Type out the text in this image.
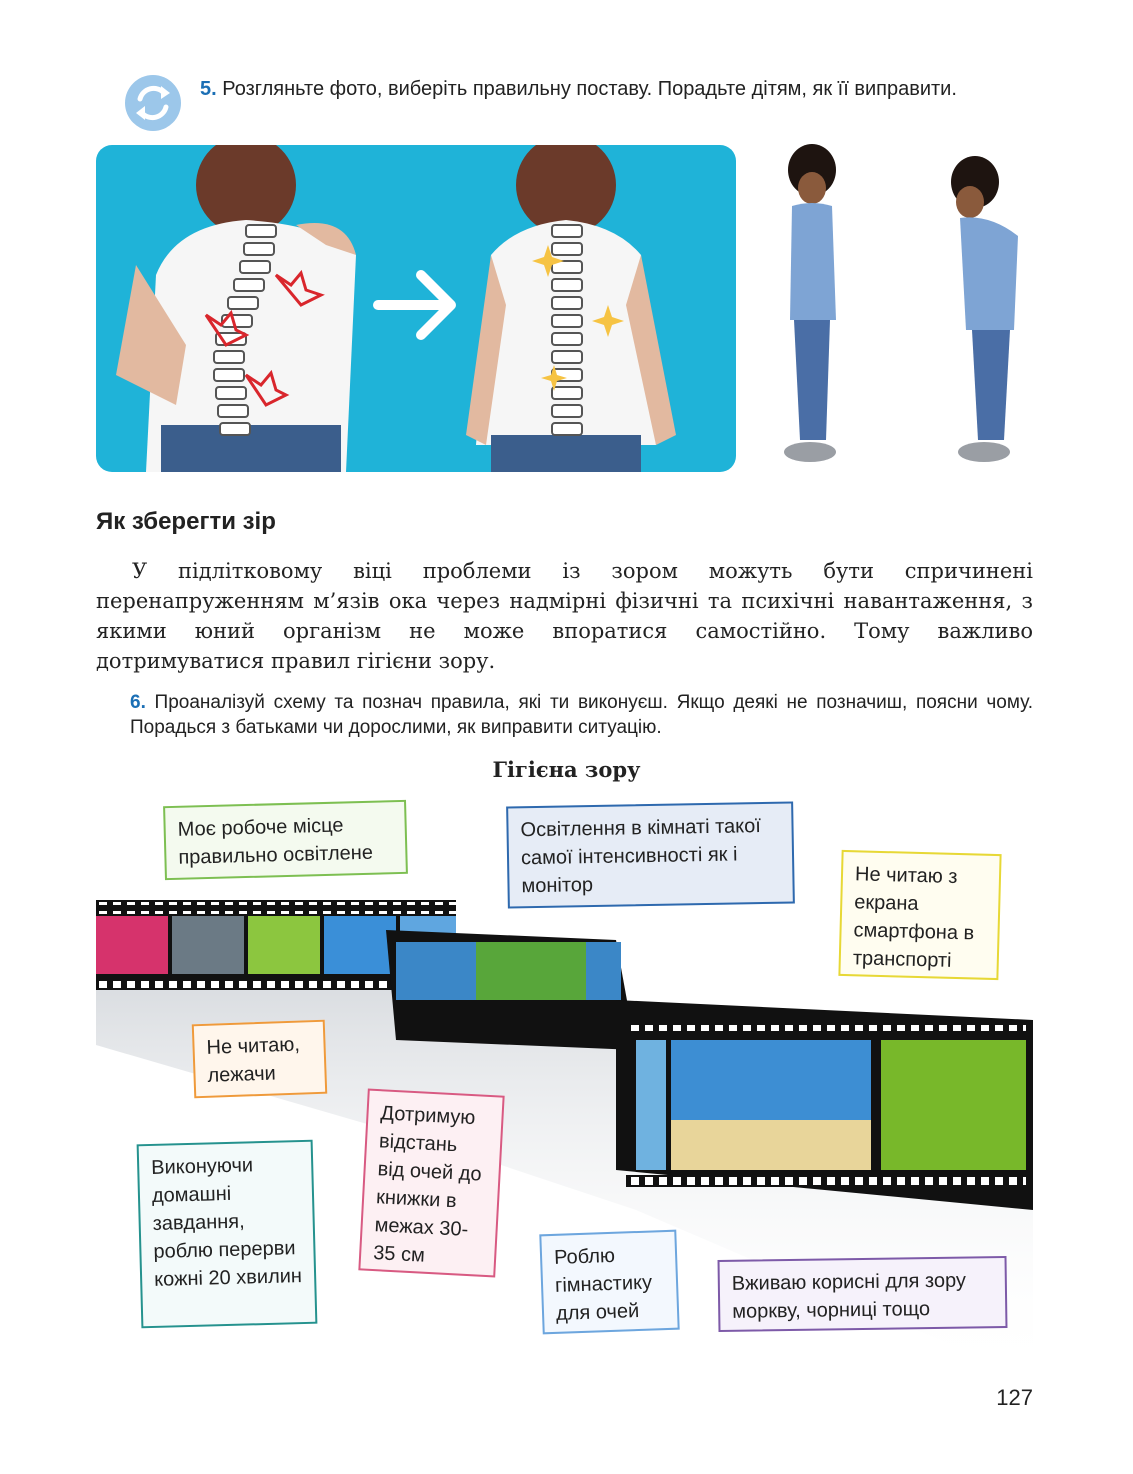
5. Розгляньте фото, виберіть правильну поставу. Порадьте дітям, як її виправити.
Як зберегти зір
У підлітковому віці проблеми із зором можуть бути спричинені перенапруженням м’язів ока через надмірні фізичні та психічні навантаження, з якими юний організм не може впоратися самостійно. Тому важливо дотримуватися правил гігієни зору.
6. Проаналізуй схему та познач правила, які ти виконуєш. Якщо деякі не позначиш, поясни чому. Порадься з батьками чи дорослими, як виправити ситуацію.
Гігієна зору
Моє робоче місце правильно освітлене
Освітлення в кімнаті такої самої інтенсивності як і монітор	Не читаю з екрана смартфона в транспорті
Не читаю, лежачи
Дотримую відстань від очей до книжки в межах 30-35 см
Виконуючи домашні завдання, роблю перерви кожні 20 хвилин
Роблю гімнастику для очей
Вживаю корисні для зору моркву, чорниці тощо
127
